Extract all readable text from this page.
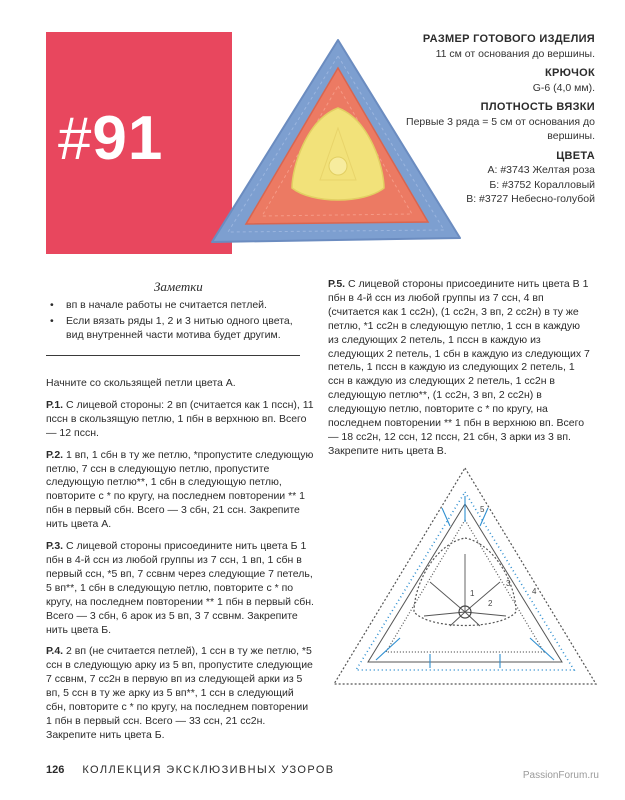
#91
РАЗМЕР ГОТОВОГО ИЗДЕЛИЯ
11 см от основания до вершины.
КРЮЧОК
G-6 (4,0 мм).
ПЛОТНОСТЬ ВЯЗКИ
Первые 3 ряда = 5 см от основания до вершины.
ЦВЕТА
А: #3743 Желтая роза
Б: #3752 Коралловый
В: #3727 Небесно-голубой
Заметки
• вп в начале работы не считается петлей.
• Если вязать ряды 1, 2 и 3 нитью одного цвета, вид внутренней части мотива будет другим.

Начните со скользящей петли цвета А.

Р.1. С лицевой стороны: 2 вп (считается как 1 пссн), 11 пссн в скользящую петлю, 1 пбн в верхнюю вп. Всего — 12 пссн.

Р.2. 1 вп, 1 сбн в ту же петлю, *пропустите следующую петлю, 7 ссн в следующую петлю, пропустите следующую петлю**, 1 сбн в следующую петлю, повторите с * по кругу, на последнем повторении ** 1 пбн в первый сбн. Всего — 3 сбн, 21 ссн. Закрепите нить цвета А.

Р.3. С лицевой стороны присоедините нить цвета Б 1 пбн в 4-й ссн из любой группы из 7 ссн, 1 вп, 1 сбн в первый ссн, *5 вп, 7 ссвнм через следующие 7 петель, 5 вп**, 1 сбн в следующую петлю, повторите с * по кругу, на последнем повторении ** 1 пбн в первый сбн. Всего — 3 сбн, 6 арок из 5 вп, 3 7 ссвнм. Закрепите нить цвета Б.

Р.4. 2 вп (не считается петлей), 1 ссн в ту же петлю, *5 ссн в следующую арку из 5 вп, пропустите следующие 7 ссвнм, 7 сс2н в первую вп из следующей арки из 5 вп, 5 ссн в ту же арку из 5 вп**, 1 ссн в следующий сбн, повторите с * по кругу, на последнем повторении 1 пбн в первый ссн. Всего — 33 ссн, 21 сс2н. Закрепите нить цвета Б.

Р.5. С лицевой стороны присоедините нить цвета В 1 пбн в 4-й ссн из любой группы из 7 ссн, 4 вп (считается как 1 сс2н), (1 сс2н, 3 вп, 2 сс2н) в ту же петлю, *1 сс2н в следующую петлю, 1 ссн в каждую из следующих 2 петель, 1 пссн в каждую из следующих 2 петель, 1 сбн в каждую из следующих 7 петель, 1 пссн в каждую из следующих 2 петель, 1 ссн в каждую из следующих 2 петель, 1 сс2н в следующую петлю**, (1 сс2н, 3 вп, 2 сс2н) в следующую петлю, повторите с * по кругу, на последнем повторении ** 1 пбн в верхнюю вп. Всего — 18 сс2н, 12 ссн, 12 пссн, 21 сбн, 3 арки из 3 вп. Закрепите нить цвета В.

1
2
3
4
5
126 КОЛЛЕКЦИЯ ЭКСКЛЮЗИВНЫХ УЗОРОВ	PassionForum.ru
